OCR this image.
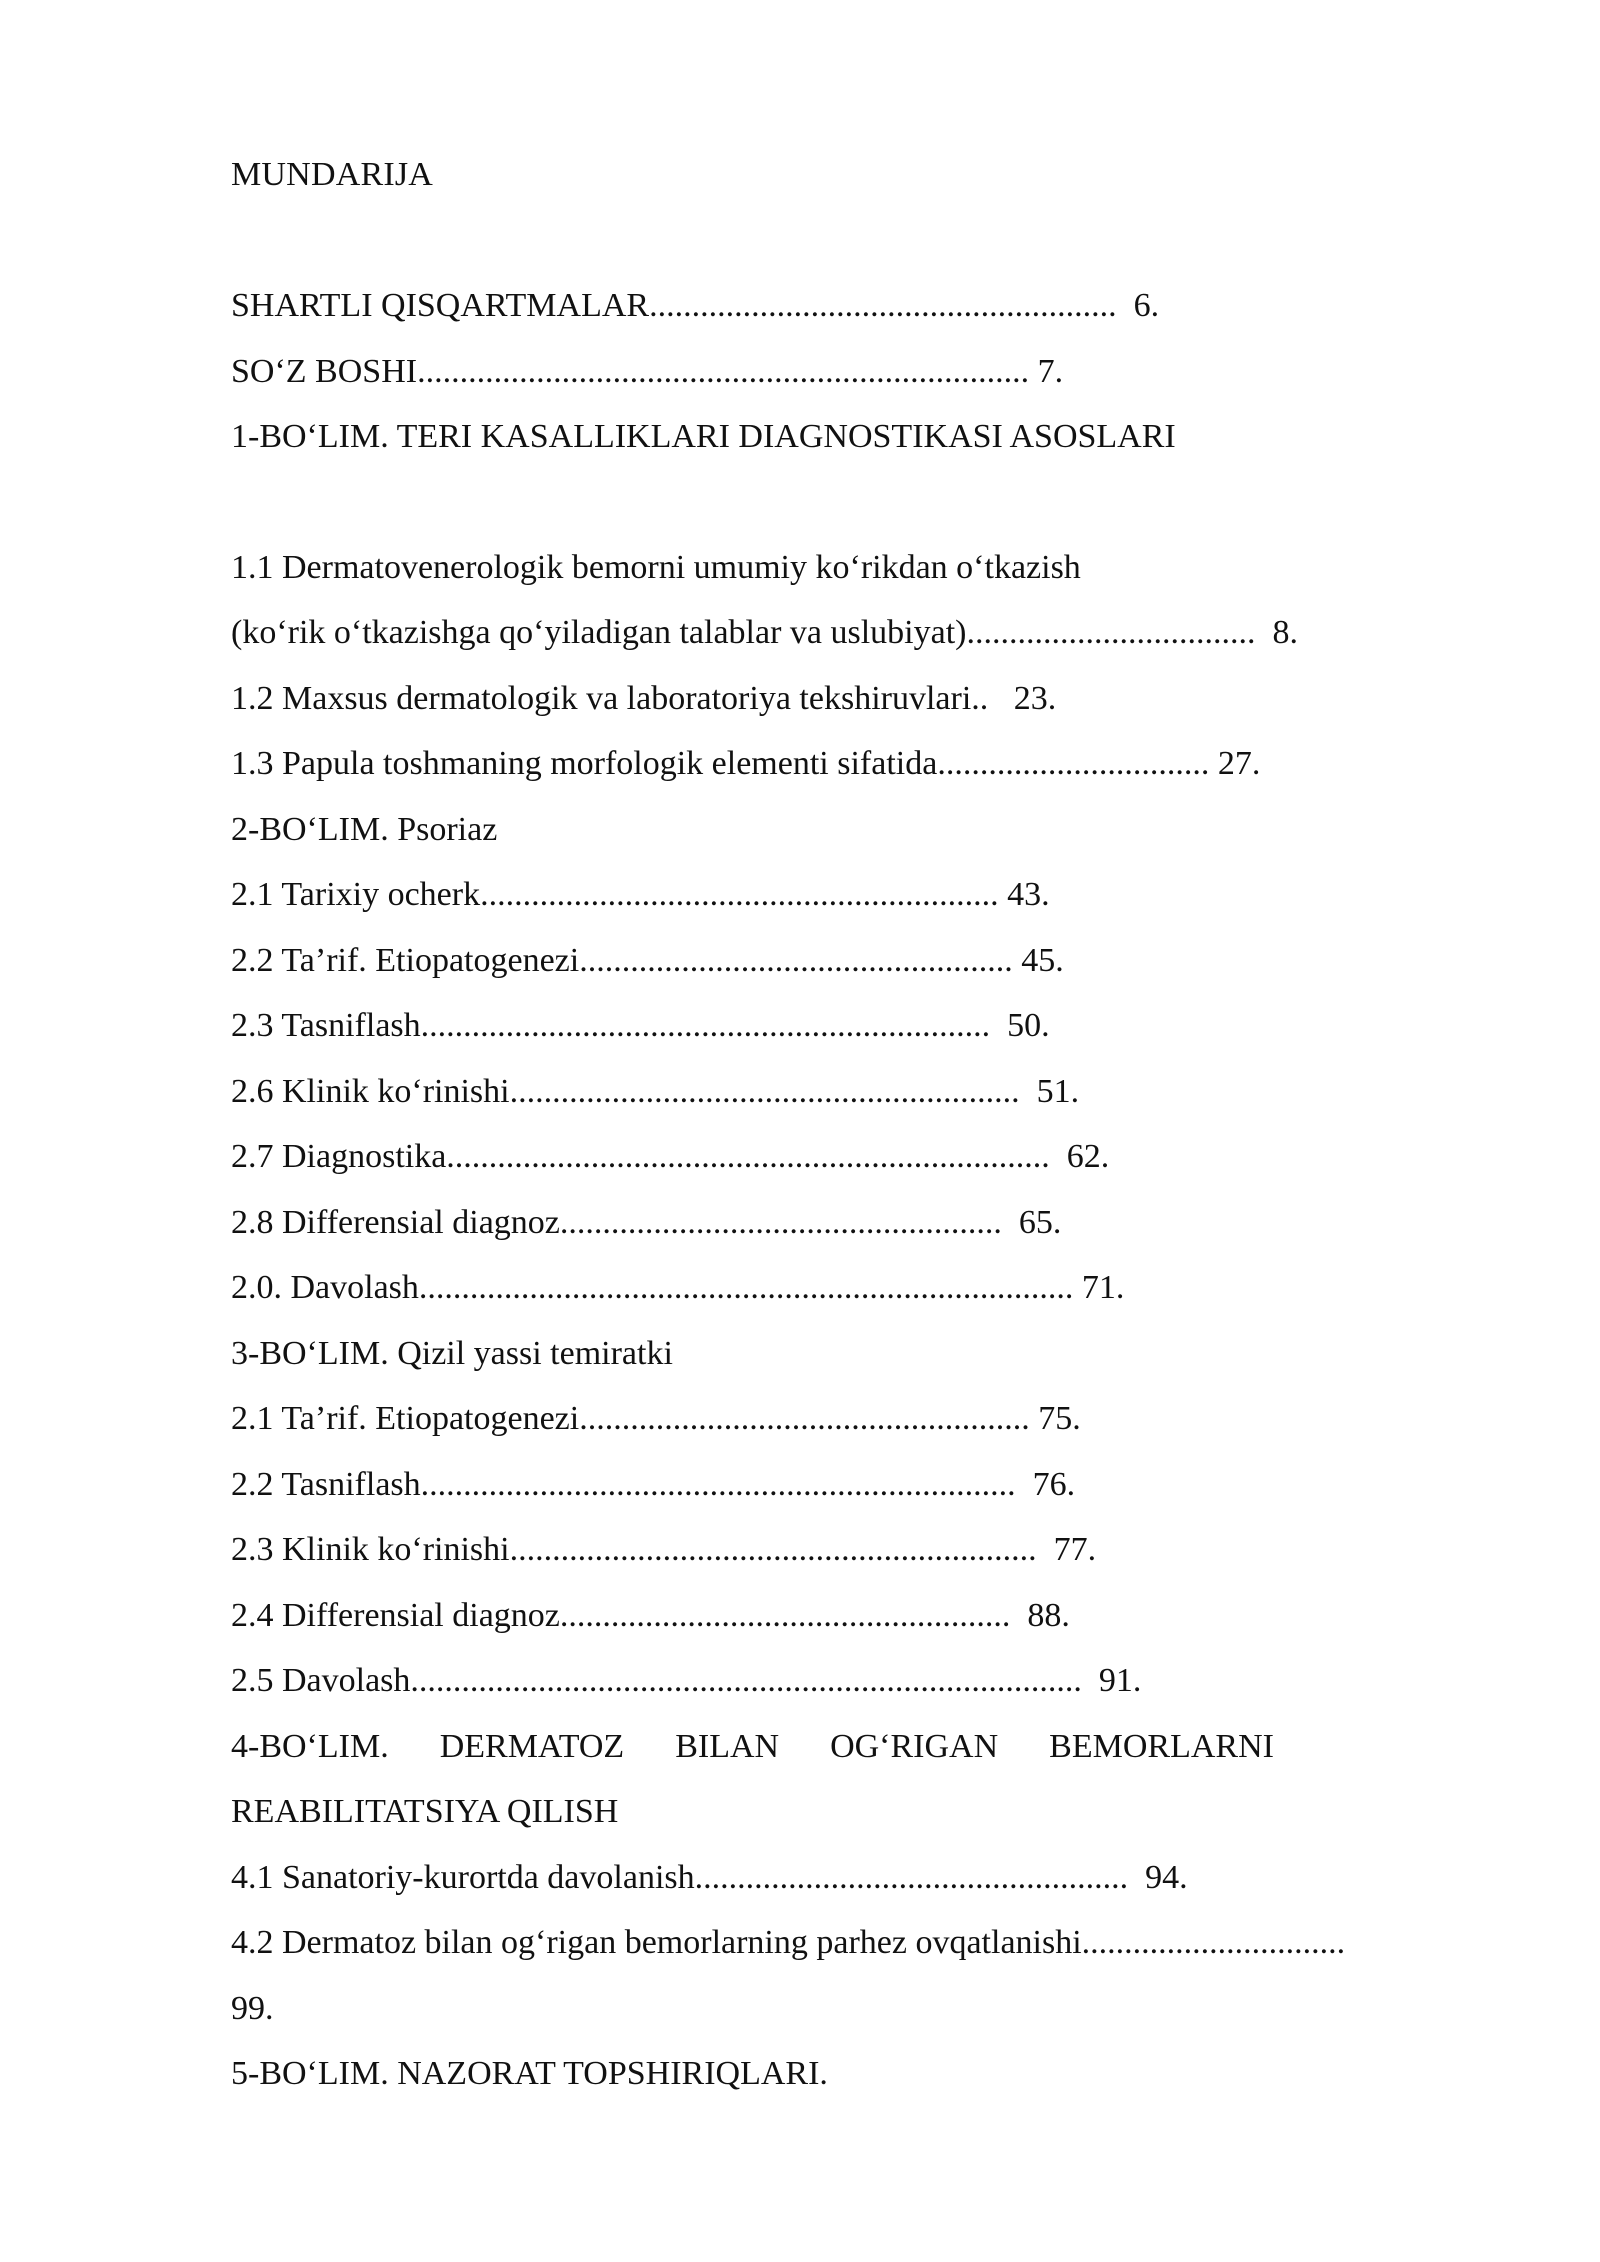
MUNDARIJA
SHARTLI QISQARTMALAR.......................................................  6.
SO‘Z BOSHI........................................................................ 7.
1-BO‘LIM. TERI KASALLIKLARI DIAGNOSTIKASI ASOSLARI
1.1 Dermatovenerologik bemorni umumiy ko‘rikdan o‘tkazish
(ko‘rik o‘tkazishga qo‘yiladigan talablar va uslubiyat)..................................  8.
1.2 Maxsus dermatologik va laboratoriya tekshiruvlari..   23.
1.3 Papula toshmaning morfologik elementi sifatida................................ 27.
2-BO‘LIM. Psoriaz
2.1 Tarixiy ocherk............................................................. 43.
2.2 Ta’rif. Etiopatogenezi................................................... 45.
2.3 Tasniflash...................................................................  50.
2.6 Klinik ko‘rinishi............................................................  51.
2.7 Diagnostika.......................................................................  62.
2.8 Differensial diagnoz....................................................  65.
2.0. Davolash............................................................................. 71.
3-BO‘LIM. Qizil yassi temiratki
2.1 Ta’rif. Etiopatogenezi..................................................... 75.
2.2 Tasniflash......................................................................  76.
2.3 Klinik ko‘rinishi..............................................................  77.
2.4 Differensial diagnoz.....................................................  88.
2.5 Davolash...............................................................................  91.
4-BO‘LIM.      DERMATOZ      BILAN      OG‘RIGAN      BEMORLARNI
REABILITATSIYA QILISH
4.1 Sanatoriy-kurortda davolanish...................................................  94.
4.2 Dermatoz bilan og‘rigan bemorlarning parhez ovqatlanishi...............................
99.
5-BO‘LIM. NAZORAT TOPSHIRIQLARI.
